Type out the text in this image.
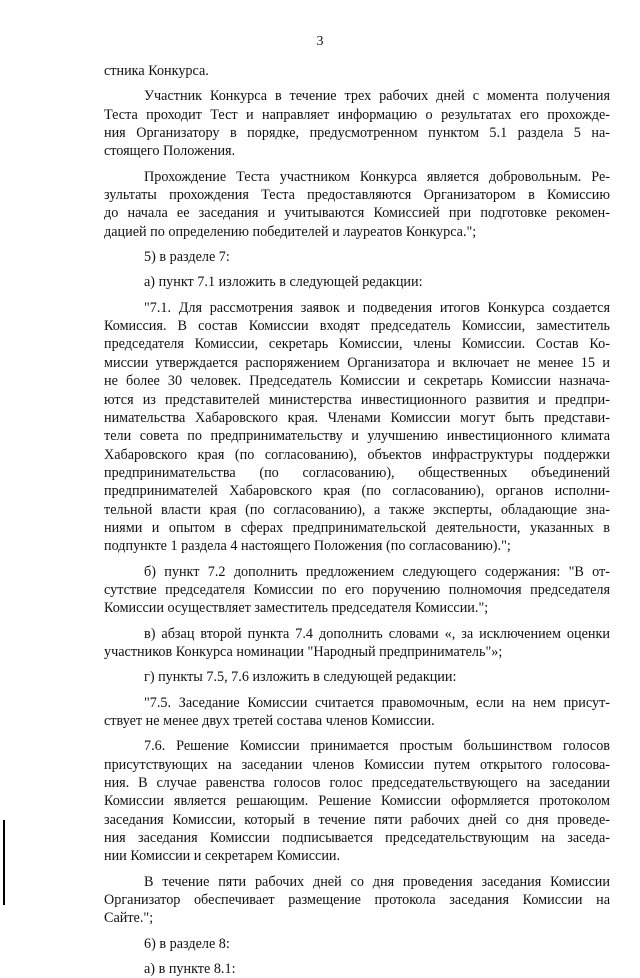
3

стника Конкурса.

Участник Конкурса в течение трех рабочих дней с момента получения

Теста проходит Тест и направляет информацию о результатах его прохожде-

ния Организатору в порядке, предусмотренном пунктом 5.1 раздела 5 на-

стоящего Положения.

Прохождение Теста участником Конкурса является добровольным. Ре-

зультаты прохождения Теста предоставляются Организатором в Комиссию

до начала ее заседания и учитываются Комиссией при подготовке рекомен-

дацией по определению победителей и лауреатов Конкурса.";

5) в разделе 7:

а) пункт 7.1 изложить в следующей редакции:

"7.1. Для рассмотрения заявок и подведения итогов Конкурса создается

Комиссия. В состав Комиссии входят председатель Комиссии, заместитель

председателя Комиссии, секретарь Комиссии, члены Комиссии. Состав Ко-

миссии утверждается распоряжением Организатора и включает не менее 15 и

не более 30 человек. Председатель Комиссии и секретарь Комиссии назнача-

ются из представителей министерства инвестиционного развития и предпри-

нимательства Хабаровского края. Членами Комиссии могут быть представи-

тели совета по предпринимательству и улучшению инвестиционного климата

Хабаровского края (по согласованию), объектов инфраструктуры поддержки

предпринимательства (по согласованию), общественных объединений

предпринимателей Хабаровского края (по согласованию), органов исполни-

тельной власти края (по согласованию), а также эксперты, обладающие зна-

ниями и опытом в сферах предпринимательской деятельности, указанных в

подпункте 1 раздела 4 настоящего Положения (по согласованию).";

б) пункт 7.2 дополнить предложением следующего содержания: "В от-

сутствие председателя Комиссии по его поручению полномочия председателя

Комиссии осуществляет заместитель председателя Комиссии.";

в) абзац второй пункта 7.4 дополнить словами «, за исключением оценки

участников Конкурса номинации "Народный предприниматель"»;

г) пункты 7.5, 7.6 изложить в следующей редакции:

"7.5. Заседание Комиссии считается правомочным, если на нем присут-

ствует не менее двух третей состава членов Комиссии.

7.6. Решение Комиссии принимается простым большинством голосов

присутствующих на заседании членов Комиссии путем открытого голосова-

ния. В случае равенства голосов голос председательствующего на заседании

Комиссии является решающим. Решение Комиссии оформляется протоколом

заседания Комиссии, который в течение пяти рабочих дней со дня проведе-

ния заседания Комиссии подписывается председательствующим на заседа-

нии Комиссии и секретарем Комиссии.

В течение пяти рабочих дней со дня проведения заседания Комиссии

Организатор обеспечивает размещение протокола заседания Комиссии на

Сайте.";

6) в разделе 8:

а) в пункте 8.1:
